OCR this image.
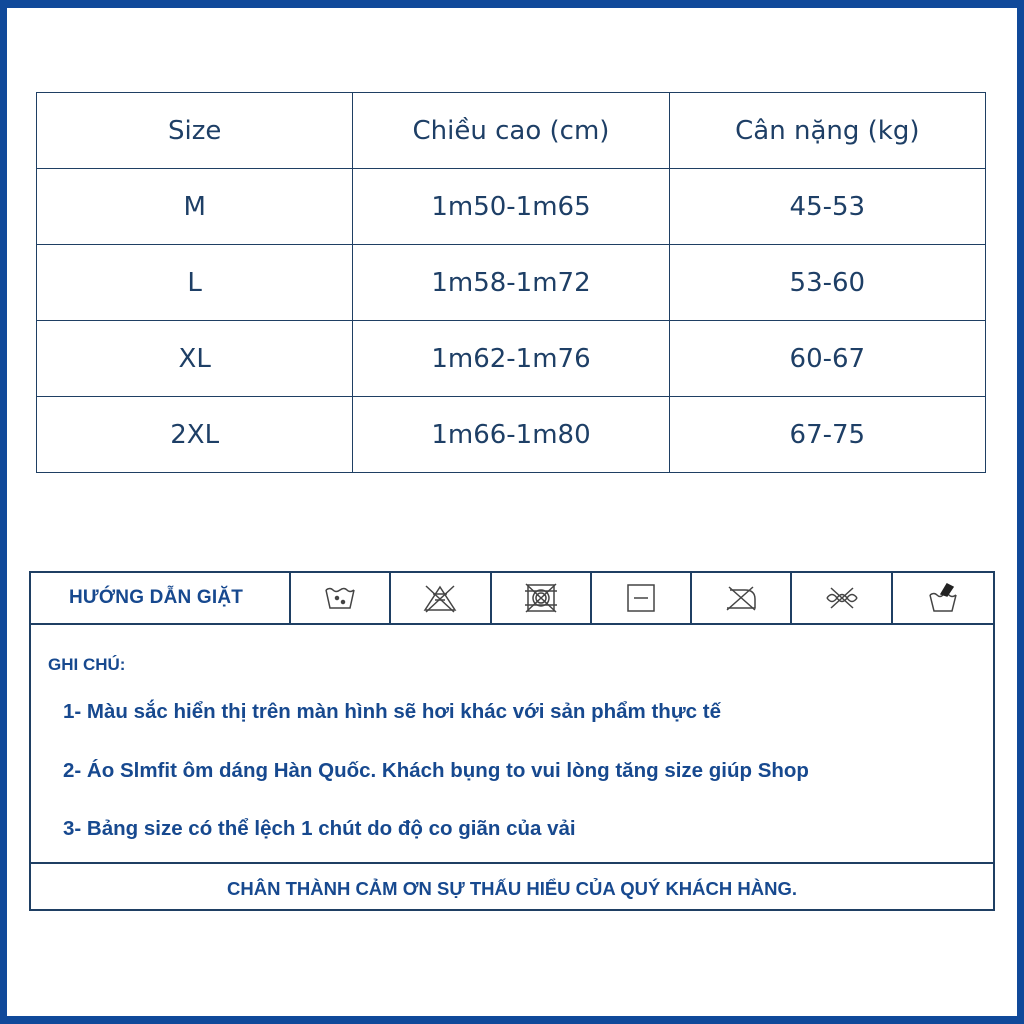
Size	Chiều cao (cm)	Cân nặng (kg)
M	1m50-1m65	45-53
L	1m58-1m72	53-60
XL	1m62-1m76	60-67
2XL	1m66-1m80	67-75
HƯỚNG DẪN GIẶT
GHI CHÚ:
1- Màu sắc hiển thị trên màn hình sẽ hơi khác với sản phẩm thực tế
2- Áo Slmfit ôm dáng Hàn Quốc. Khách bụng to vui lòng tăng size giúp Shop
3- Bảng size có thể lệch 1 chút do độ co giãn của vải
CHÂN THÀNH CẢM ƠN SỰ THẤU HIỂU CỦA QUÝ KHÁCH HÀNG.
